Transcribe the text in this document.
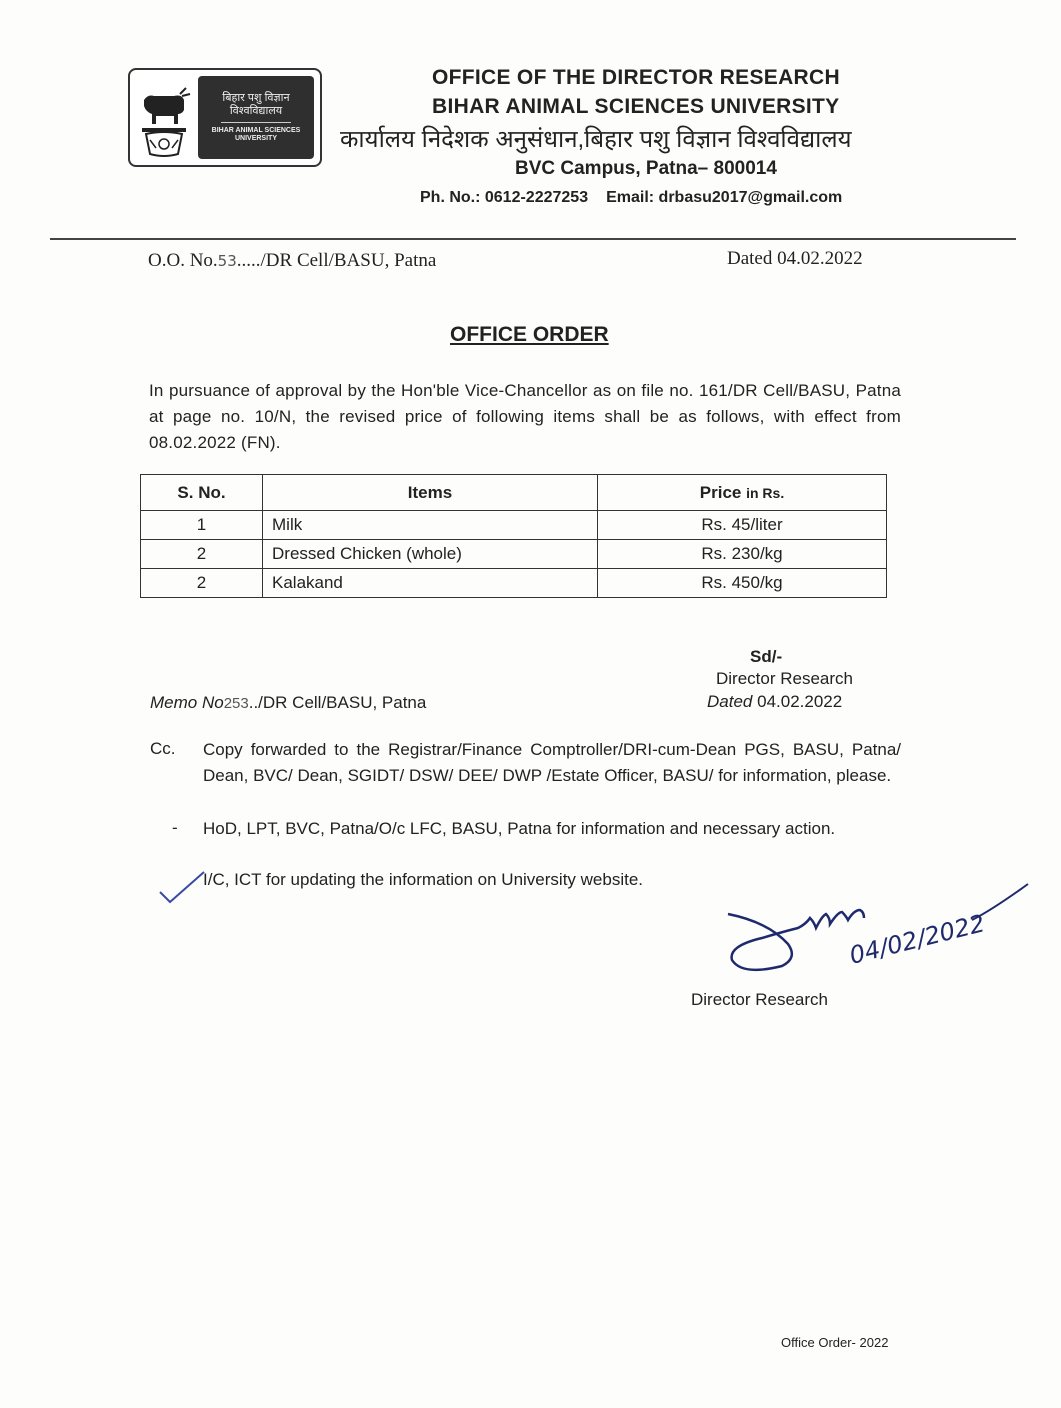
बिहार पशु विज्ञान
विश्वविद्यालय
BIHAR ANIMAL SCIENCES
UNIVERSITY
OFFICE OF THE DIRECTOR RESEARCH
BIHAR ANIMAL SCIENCES UNIVERSITY
कार्यालय निदेशक अनुसंधान,बिहार पशु विज्ञान विश्वविद्यालय
BVC Campus, Patna– 800014
Ph. No.: 0612-2227253 Email: drbasu2017@gmail.com
O.O. No.53...../DR Cell/BASU, Patna	Dated 04.02.2022
OFFICE ORDER
In pursuance of approval by the Hon'ble Vice-Chancellor as on file no. 161/DR Cell/BASU, Patna at page no. 10/N, the revised price of following items shall be as follows, with effect from 08.02.2022 (FN).
S. No.	Items	Price in Rs.
1	Milk	Rs. 45/liter
2	Dressed Chicken (whole)	Rs. 230/kg
2	Kalakand	Rs. 450/kg
Sd/-
Director Research
Dated 04.02.2022
Memo No253../DR Cell/BASU, Patna
Cc. Copy forwarded to the Registrar/Finance Comptroller/DRI-cum-Dean PGS, BASU, Patna/ Dean, BVC/ Dean, SGIDT/ DSW/ DEE/ DWP /Estate Officer, BASU/ for information, please.
- HoD, LPT, BVC, Patna/O/c LFC, BASU, Patna for information and necessary action.
I/C, ICT for updating the information on University website.
04/02/2022
Director Research
Office Order- 2022
